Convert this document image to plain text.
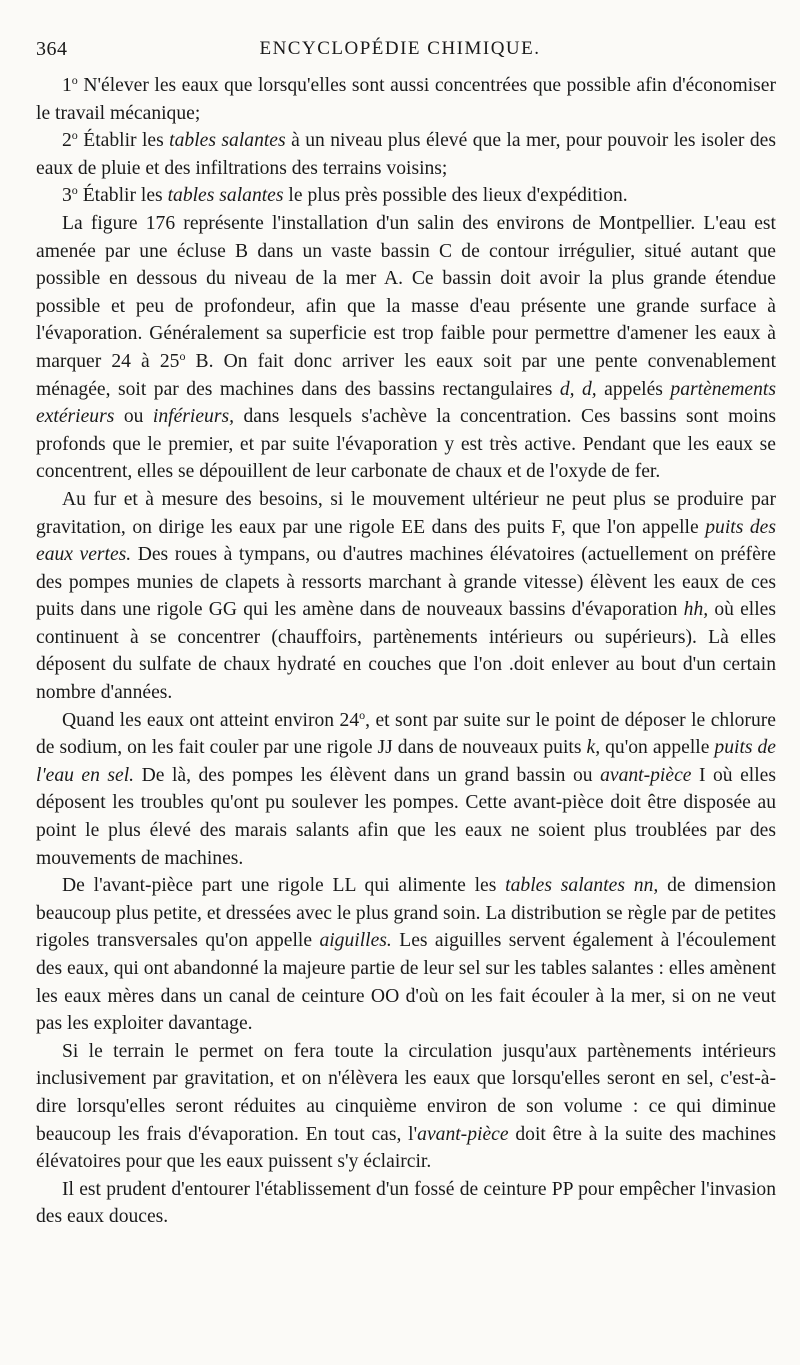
364	ENCYCLOPÉDIE CHIMIQUE.

1$^o$ N'élever les eaux que lorsqu'elles sont aussi concentrées que possible afin d'économiser le travail mécanique;

2$^o$ Établir les tables salantes à un niveau plus élevé que la mer, pour pouvoir les isoler des eaux de pluie et des infiltrations des terrains voisins;

3$^o$ Établir les tables salantes le plus près possible des lieux d'expédition.

La figure 176 représente l'installation d'un salin des environs de Montpellier. L'eau est amenée par une écluse B dans un vaste bassin C de contour irrégulier, situé autant que possible en dessous du niveau de la mer A. Ce bassin doit avoir la plus grande étendue possible et peu de profondeur, afin que la masse d'eau présente une grande surface à l'évaporation. Généralement sa superficie est trop faible pour permettre d'amener les eaux à marquer 24 à 25$^o$ B. On fait donc arriver les eaux soit par une pente convenablement ménagée, soit par des machines dans des bassins rectangulaires d, d, appelés partènements extérieurs ou inférieurs, dans lesquels s'achève la concentration. Ces bassins sont moins profonds que le premier, et par suite l'évaporation y est très active. Pendant que les eaux se concentrent, elles se dépouillent de leur carbonate de chaux et de l'oxyde de fer.

Au fur et à mesure des besoins, si le mouvement ultérieur ne peut plus se produire par gravitation, on dirige les eaux par une rigole EE dans des puits F, que l'on appelle puits des eaux vertes. Des roues à tympans, ou d'autres machines élévatoires (actuellement on préfère des pompes munies de clapets à ressorts marchant à grande vitesse) élèvent les eaux de ces puits dans une rigole GG qui les amène dans de nouveaux bassins d'évaporation hh, où elles continuent à se concentrer (chauffoirs, partènements intérieurs ou supérieurs). Là elles déposent du sulfate de chaux hydraté en couches que l'on .doit enlever au bout d'un certain nombre d'années.

Quand les eaux ont atteint environ 24$^o$, et sont par suite sur le point de déposer le chlorure de sodium, on les fait couler par une rigole JJ dans de nouveaux puits k, qu'on appelle puits de l'eau en sel. De là, des pompes les élèvent dans un grand bassin ou avant-pièce I où elles déposent les troubles qu'ont pu soulever les pompes. Cette avant-pièce doit être disposée au point le plus élevé des marais salants afin que les eaux ne soient plus troublées par des mouvements de machines.

De l'avant-pièce part une rigole LL qui alimente les tables salantes nn, de dimension beaucoup plus petite, et dressées avec le plus grand soin. La distribution se règle par de petites rigoles transversales qu'on appelle aiguilles. Les aiguilles servent également à l'écoulement des eaux, qui ont abandonné la majeure partie de leur sel sur les tables salantes : elles amènent les eaux mères dans un canal de ceinture OO d'où on les fait écouler à la mer, si on ne veut pas les exploiter davantage.

Si le terrain le permet on fera toute la circulation jusqu'aux partènements intérieurs inclusivement par gravitation, et on n'élèvera les eaux que lorsqu'elles seront en sel, c'est-à-dire lorsqu'elles seront réduites au cinquième environ de son volume : ce qui diminue beaucoup les frais d'évaporation. En tout cas, l'avant-pièce doit être à la suite des machines élévatoires pour que les eaux puissent s'y éclaircir.

Il est prudent d'entourer l'établissement d'un fossé de ceinture PP pour empêcher l'invasion des eaux douces.
